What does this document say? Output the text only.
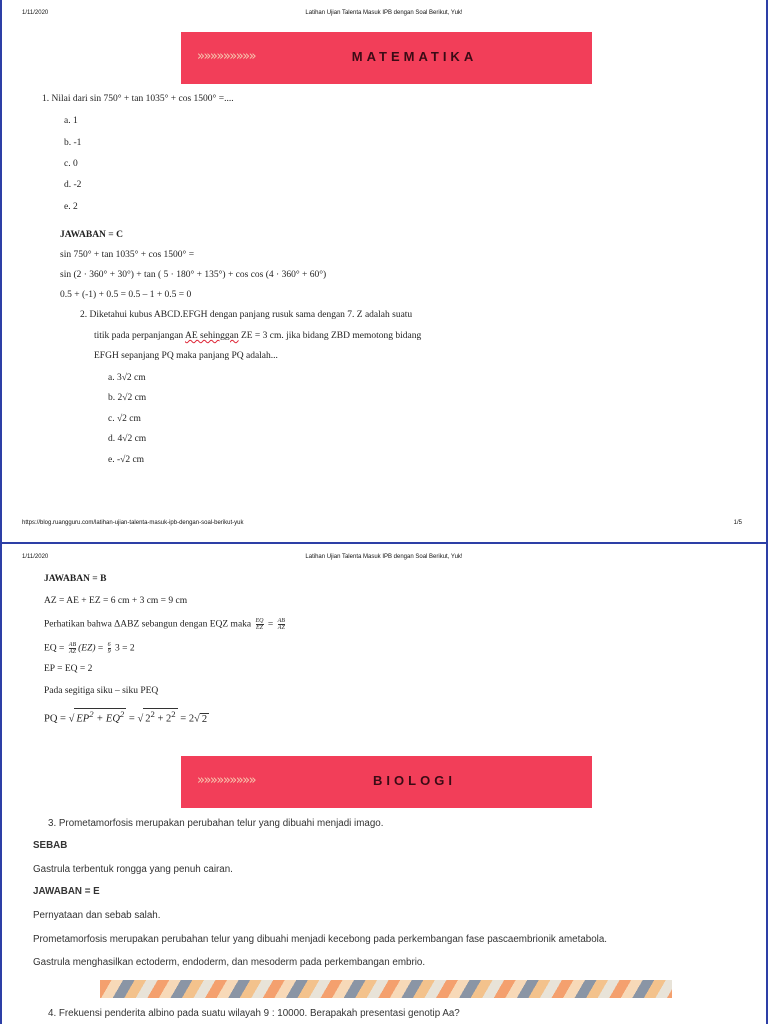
1/11/2020	Latihan Ujian Talenta Masuk IPB dengan Soal Berikut, Yuk!
»»»»»»»»»	MATEMATIKA
1. Nilai dari sin 750° + tan 1035° + cos 1500° =....
a. 1
b. -1
c. 0
d. -2
e. 2
JAWABAN = C
sin 750° + tan 1035° + cos 1500° =
sin (2 · 360° + 30°) + tan ( 5 · 180° + 135°) + cos cos (4 · 360° + 60°)
0.5 + (-1) + 0.5 = 0.5 – 1 + 0.5 = 0
2. Diketahui kubus ABCD.EFGH dengan panjang rusuk sama dengan 7. Z adalah suatu
titik pada perpanjangan AE sehinggan ZE = 3 cm. jika bidang ZBD memotong bidang
EFGH sepanjang PQ maka panjang PQ adalah...
a. 3√2 cm
b. 2√2 cm
c. √2 cm
d. 4√2 cm
e. -√2 cm
https://blog.ruangguru.com/latihan-ujian-talenta-masuk-ipb-dengan-soal-berikut-yuk	1/5
1/11/2020	Latihan Ujian Talenta Masuk IPB dengan Soal Berikut, Yuk!
JAWABAN = B
AZ = AE + EZ = 6 cm + 3 cm = 9 cm
Perhatikan bahwa ΔABZ sebangun dengan EQZ maka $\frac{EQ}{EZ} = \frac{AB}{AZ}$
EQ = $\frac{AB}{AZ} (EZ) = \frac{6}{9} 3 = 2$
EP = EQ = 2
Pada segitiga siku – siku PEQ
PQ = √ $EP^2 + EQ^2$ = √ $2^2 + 2^2 = 2√$ 2
»»»»»»»»»	BIOLOGI
3. Prometamorfosis merupakan perubahan telur yang dibuahi menjadi imago.
SEBAB
Gastrula terbentuk rongga yang penuh cairan.
JAWABAN = E
Pernyataan dan sebab salah.
Prometamorfosis merupakan perubahan telur yang dibuahi menjadi kecebong pada perkembangan fase pascaembrionik ametabola.
Gastrula menghasilkan ectoderm, endoderm, dan mesoderm pada perkembangan embrio.
4. Frekuensi penderita albino pada suatu wilayah 9 : 10000. Berapakah presentasi genotip Aa?
